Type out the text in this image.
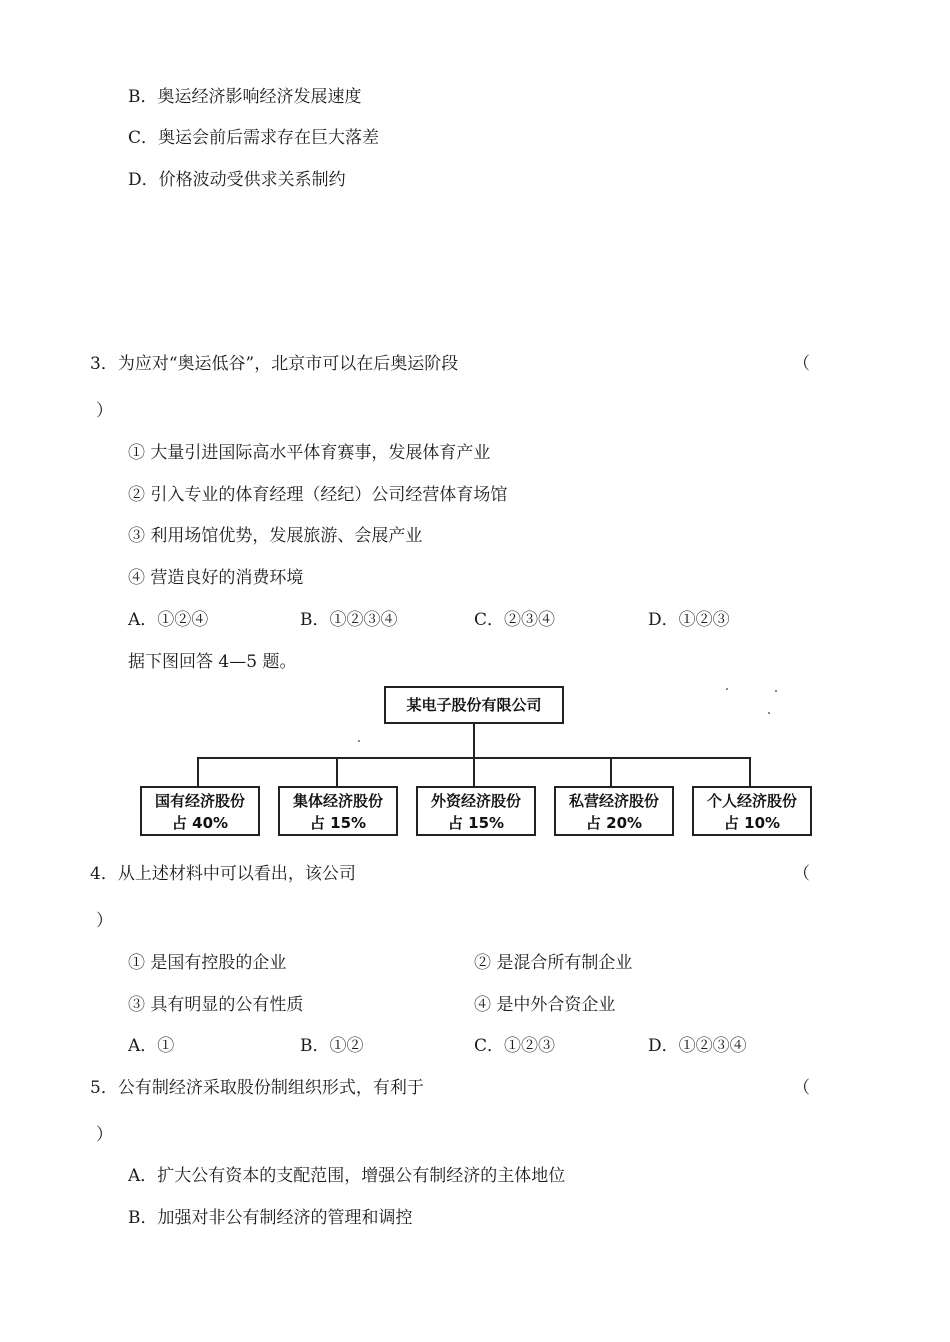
B．奥运经济影响经济发展速度
C．奥运会前后需求存在巨大落差
D．价格波动受供求关系制约
3．为应对“奥运低谷”，北京市可以在后奥运阶段	（
）
① 大量引进国际高水平体育赛事，发展体育产业
② 引入专业的体育经理（经纪）公司经营体育场馆
③ 利用场馆优势，发展旅游、会展产业
④ 营造良好的消费环境
A．①②④	B．①②③④	C．②③④	D．①②③
据下图回答 4—5 题。
某电子股份有限公司
国有经济股份
占 40%
集体经济股份
占 15%
外资经济股份
占 15%
私营经济股份
占 20%
个人经济股份
占 10%
4．从上述材料中可以看出，该公司	（
）
① 是国有控股的企业	② 是混合所有制企业
③ 具有明显的公有性质	④ 是中外合资企业
A．①	B．①②	C．①②③	D．①②③④
5．公有制经济采取股份制组织形式，有利于	（
）
A．扩大公有资本的支配范围，增强公有制经济的主体地位
B．加强对非公有制经济的管理和调控
